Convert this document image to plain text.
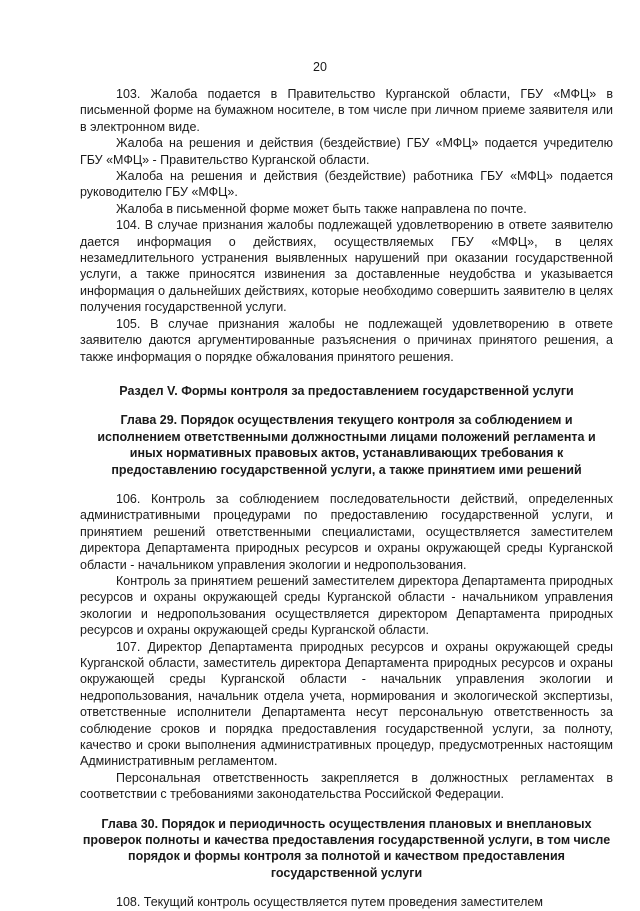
20

103. Жалоба подается в Правительство Курганской области, ГБУ «МФЦ» в письменной форме на бумажном носителе, в том числе при личном приеме заявителя или в электронном виде.

Жалоба на решения и действия (бездействие) ГБУ «МФЦ» подается учредителю ГБУ «МФЦ» - Правительство Курганской области.

Жалоба на решения и действия (бездействие) работника ГБУ «МФЦ» подается руководителю ГБУ «МФЦ».

Жалоба в письменной форме может быть также направлена по почте.

104. В случае признания жалобы подлежащей удовлетворению в ответе заявителю дается информация о действиях, осуществляемых ГБУ «МФЦ», в целях незамедлительного устранения выявленных нарушений при оказании государственной услуги, а также приносятся извинения за доставленные неудобства и указывается информация о дальнейших действиях, которые необходимо совершить заявителю в целях получения государственной услуги.

105. В случае признания жалобы не подлежащей удовлетворению в ответе заявителю даются аргументированные разъяснения о причинах принятого решения, а также информация о порядке обжалования принятого решения.

Раздел V. Формы контроля за предоставлением государственной услуги

Глава 29. Порядок осуществления текущего контроля за соблюдением и исполнением ответственными должностными лицами положений регламента и иных нормативных правовых актов, устанавливающих требования к предоставлению государственной услуги, а также принятием ими решений

106. Контроль за соблюдением последовательности действий, определенных административными процедурами по предоставлению государственной услуги, и принятием решений ответственными специалистами, осуществляется заместителем директора Департамента природных ресурсов и охраны окружающей среды Курганской области - начальником управления экологии и недропользования.

Контроль за принятием решений заместителем директора Департамента природных ресурсов и охраны окружающей среды Курганской области - начальником управления экологии и недропользования осуществляется директором Департамента природных ресурсов и охраны окружающей среды Курганской области.

107. Директор Департамента природных ресурсов и охраны окружающей среды Курганской области, заместитель директора Департамента природных ресурсов и охраны окружающей среды Курганской области - начальник управления экологии и недропользования, начальник отдела учета, нормирования и экологической экспертизы, ответственные исполнители Департамента несут персональную ответственность за соблюдение сроков и порядка предоставления государственной услуги, за полноту, качество и сроки выполнения административных процедур, предусмотренных настоящим Административным регламентом.

Персональная ответственность закрепляется в должностных регламентах в соответствии с требованиями законодательства Российской Федерации.

Глава 30. Порядок и периодичность осуществления плановых и внеплановых проверок полноты и качества предоставления государственной услуги, в том числе порядок и формы контроля за полнотой и качеством предоставления государственной услуги

108. Текущий контроль осуществляется путем проведения заместителем
